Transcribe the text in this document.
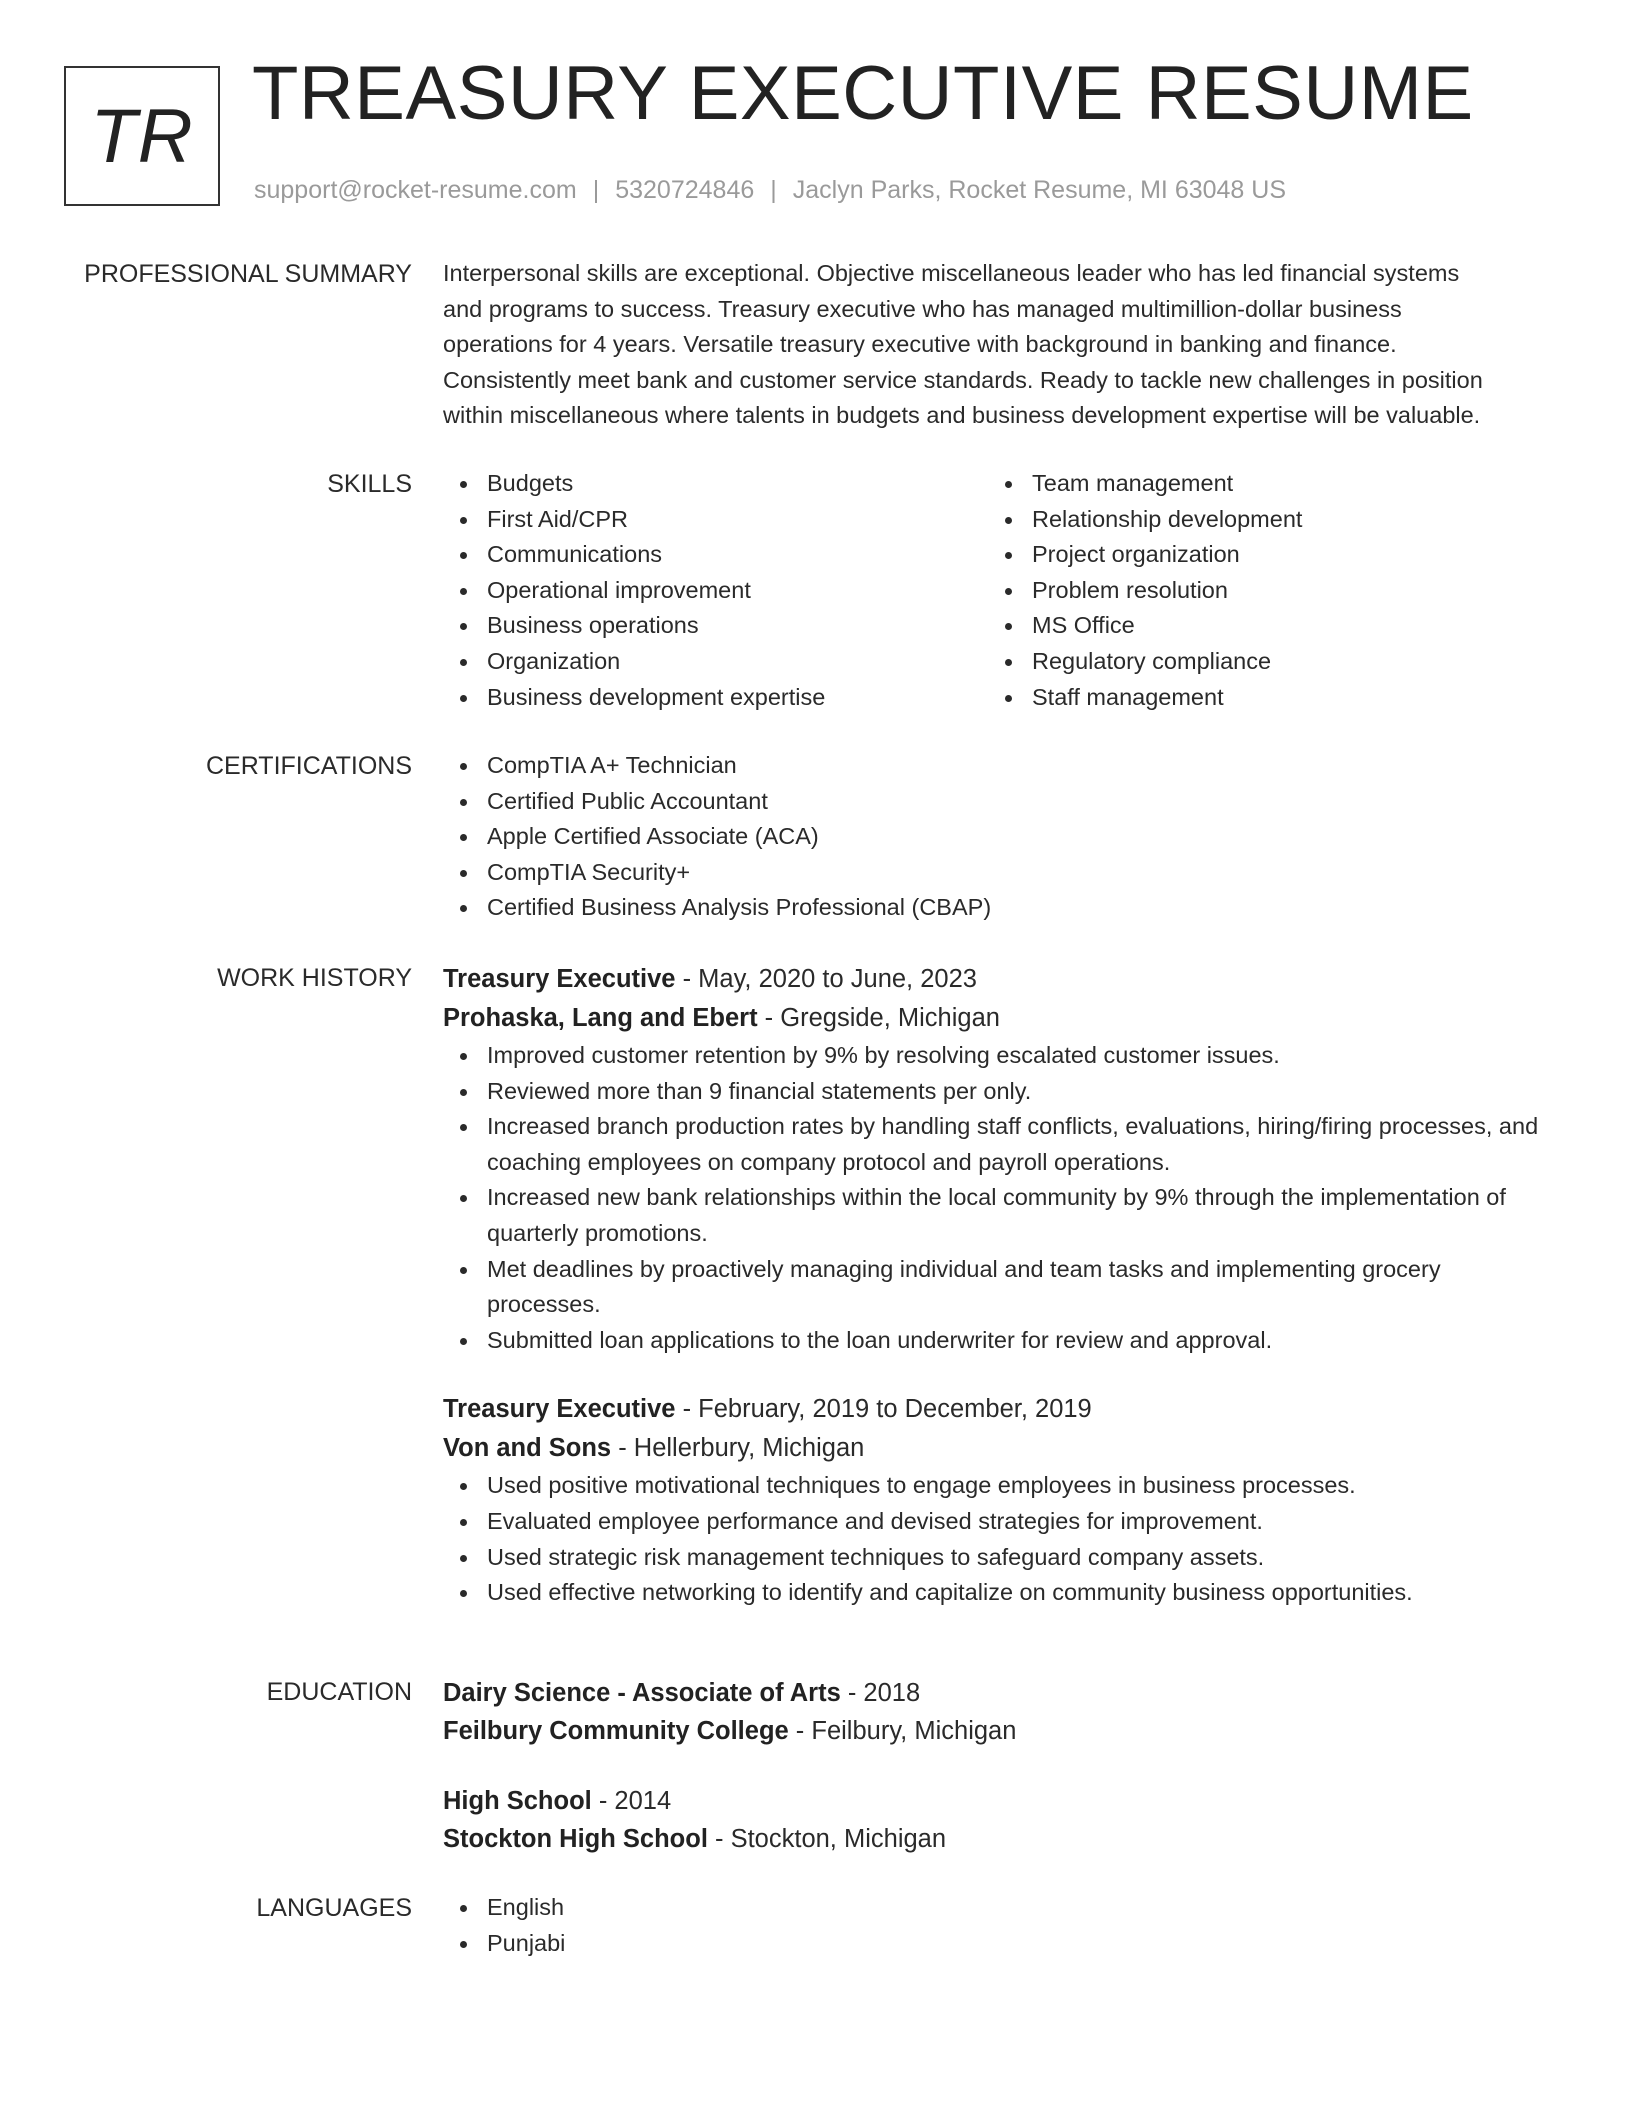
TR TREASURY EXECUTIVE RESUME
support@rocket-resume.com | 5320724846 | Jaclyn Parks, Rocket Resume, MI 63048 US
PROFESSIONAL SUMMARY Interpersonal skills are exceptional. Objective miscellaneous leader who has led financial systems
and programs to success. Treasury executive who has managed multimillion-dollar business
operations for 4 years. Versatile treasury executive with background in banking and finance.
Consistently meet bank and customer service standards. Ready to tackle new challenges in position
within miscellaneous where talents in budgets and business development expertise will be valuable.
SKILLS	Budgets
First Aid/CPR
Communications
Operational improvement
Business operations
Organization
Business development expertise
Team management
Relationship development
Project organization
Problem resolution
MS Office
Regulatory compliance
Staff management
CERTIFICATIONS	CompTIA A+ Technician
Certified Public Accountant
Apple Certified Associate (ACA)
CompTIA Security+
Certified Business Analysis Professional (CBAP)
WORK HISTORY Treasury Executive - May, 2020 to June, 2023
Prohaska, Lang and Ebert - Gregside, Michigan
Improved customer retention by 9% by resolving escalated customer issues.
Reviewed more than 9 financial statements per only.
Increased branch production rates by handling staff conflicts, evaluations, hiring/firing processes, and coaching employees on company protocol and payroll operations.
Increased new bank relationships within the local community by 9% through the implementation of quarterly promotions.
Met deadlines by proactively managing individual and team tasks and implementing grocery processes.
Submitted loan applications to the loan underwriter for review and approval.
Treasury Executive - February, 2019 to December, 2019
Von and Sons - Hellerbury, Michigan
Used positive motivational techniques to engage employees in business processes.
Evaluated employee performance and devised strategies for improvement.
Used strategic risk management techniques to safeguard company assets.
Used effective networking to identify and capitalize on community business opportunities.
EDUCATION Dairy Science - Associate of Arts - 2018
Feilbury Community College - Feilbury, Michigan
High School - 2014
Stockton High School - Stockton, Michigan
LANGUAGES	English
Punjabi
